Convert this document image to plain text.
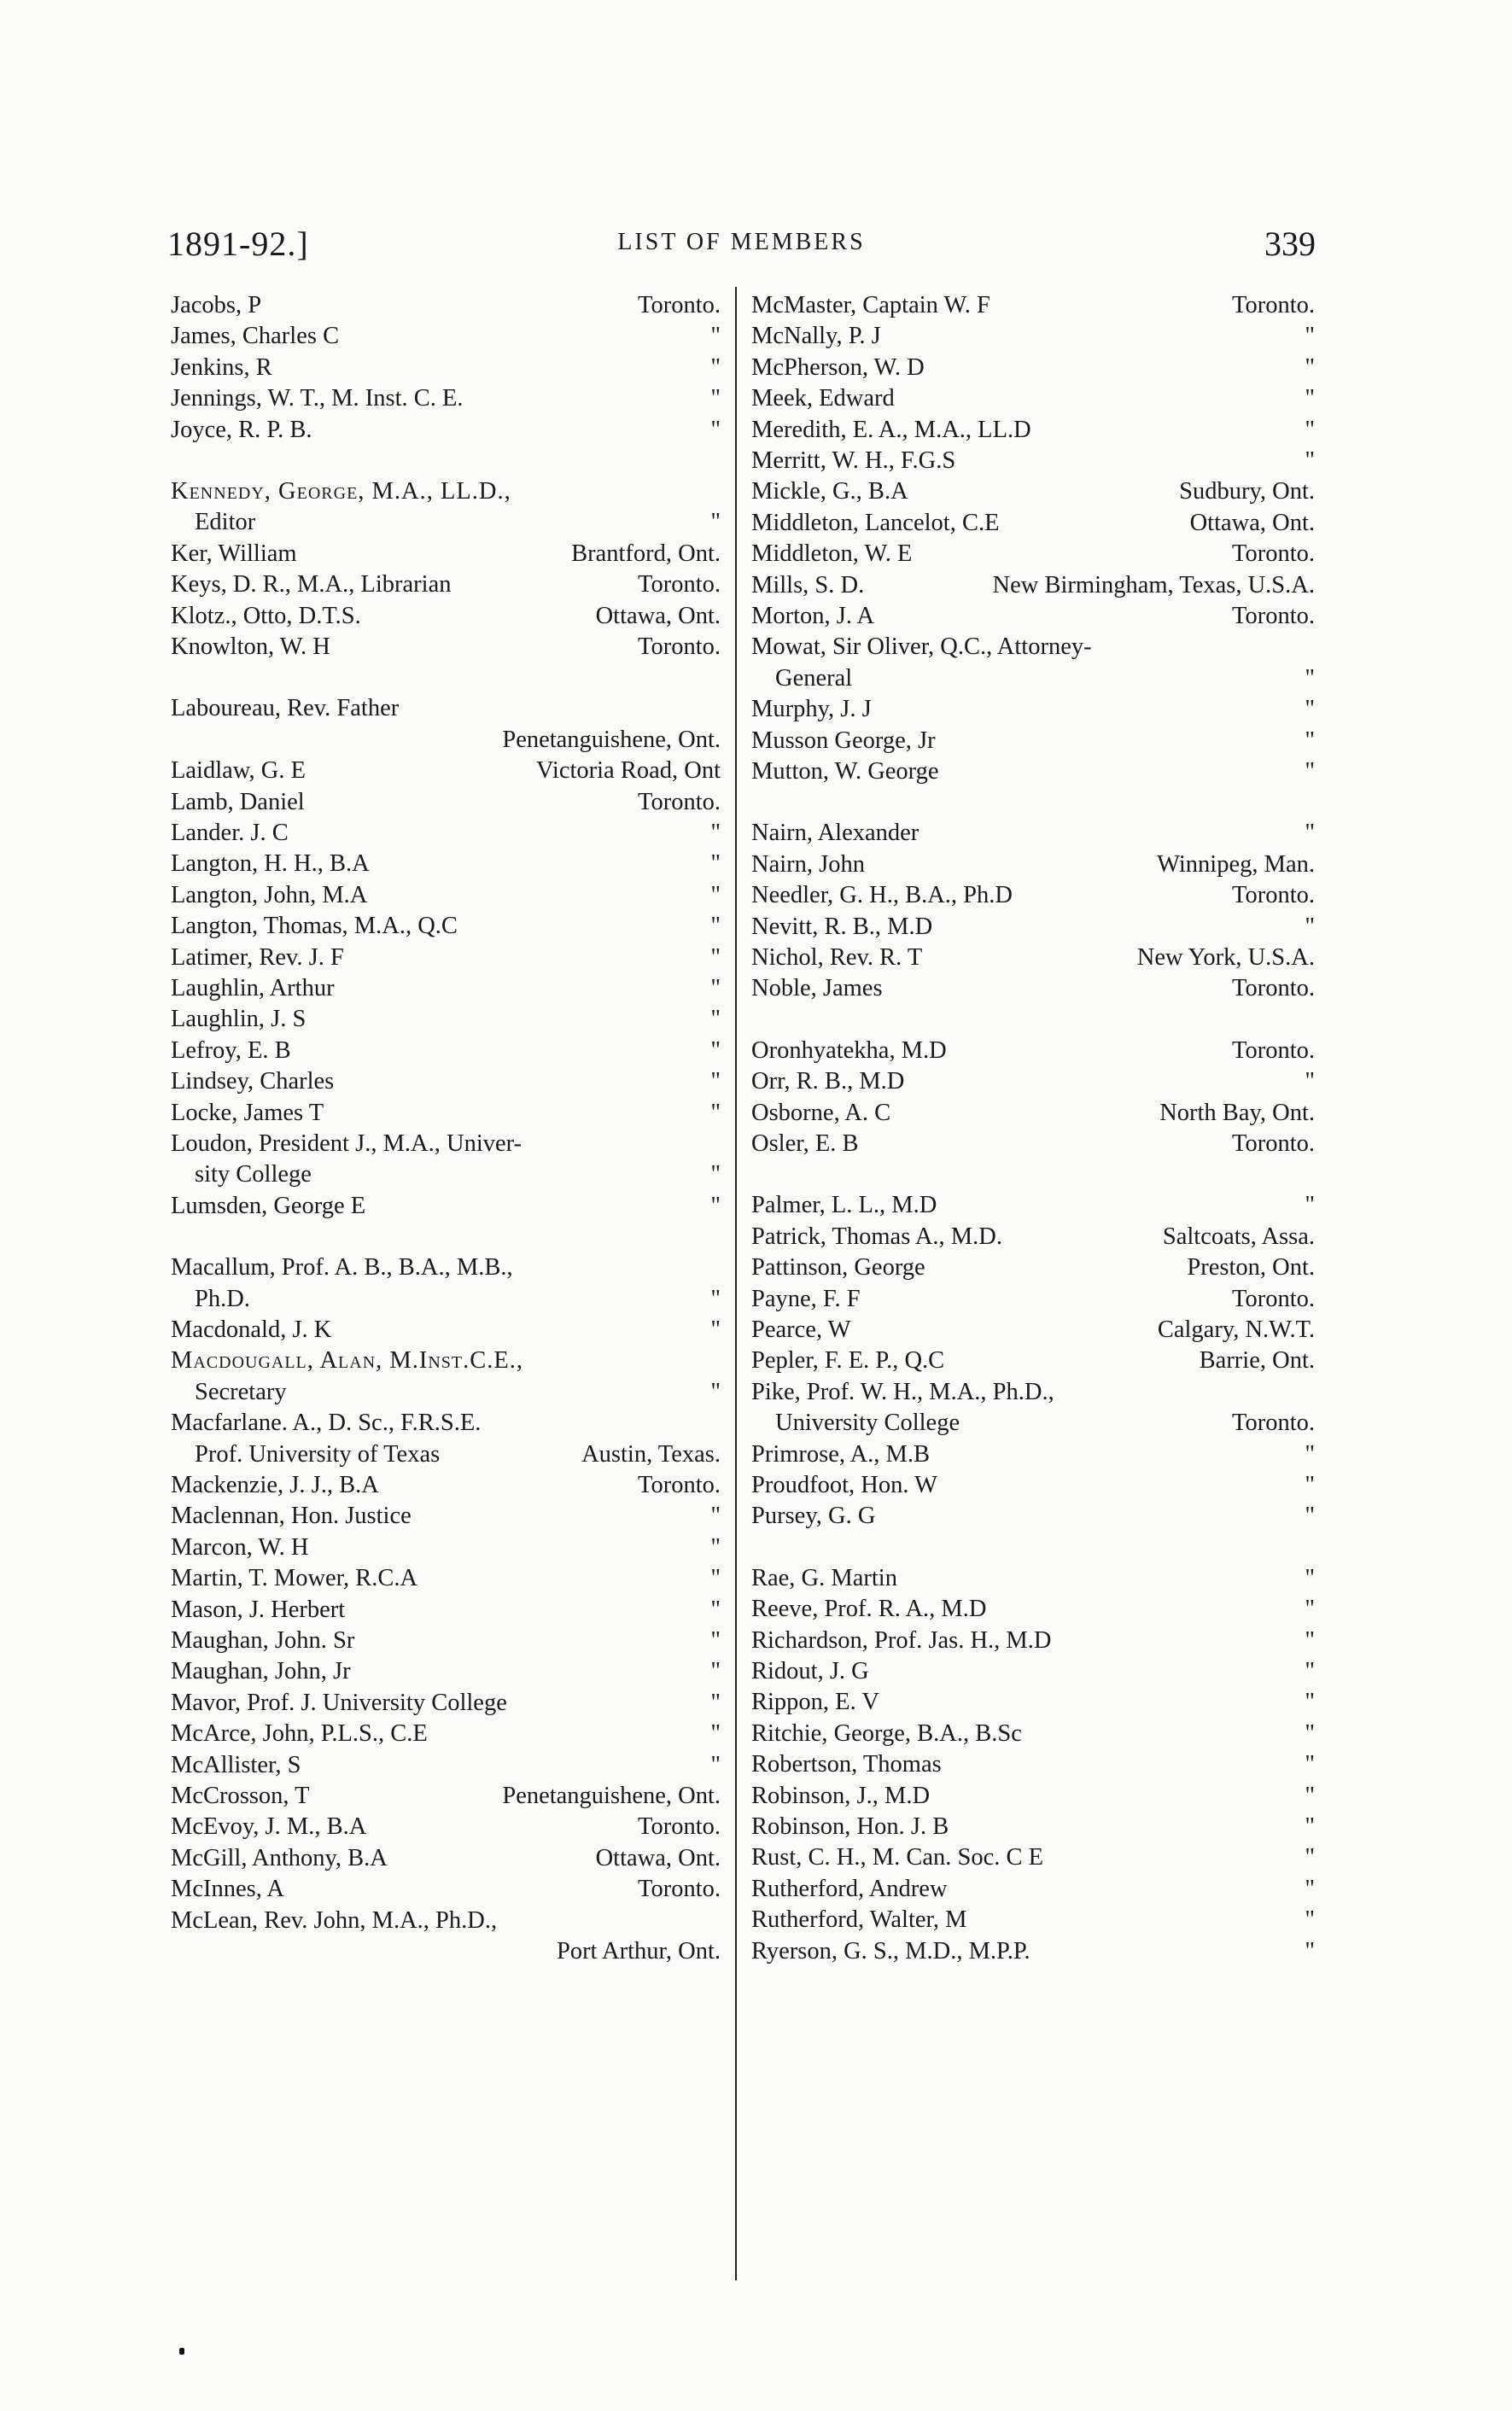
1891-92.]	LIST OF MEMBERS	339
Jacobs, P	Toronto.
James, Charles C	"
Jenkins, R	"
Jennings, W. T., M. Inst. C. E.	"
Joyce, R. P. B.	"
Kennedy, George, M.A., LL.D.,
Editor	"
Ker, William	Brantford, Ont.
Keys, D. R., M.A., Librarian	Toronto.
Klotz., Otto, D.T.S.	Ottawa, Ont.
Knowlton, W. H	Toronto.
Laboureau, Rev. Father
Penetanguishene, Ont.
Laidlaw, G. E	Victoria Road, Ont
Lamb, Daniel	Toronto.
Lander. J. C	"
Langton, H. H., B.A	"
Langton, John, M.A	"
Langton, Thomas, M.A., Q.C	"
Latimer, Rev. J. F	"
Laughlin, Arthur	"
Laughlin, J. S	"
Lefroy, E. B	"
Lindsey, Charles	"
Locke, James T	"
Loudon, President J., M.A., Univer-
sity College	"
Lumsden, George E	"
Macallum, Prof. A. B., B.A., M.B.,
Ph.D.	"
Macdonald, J. K	"
Macdougall, Alan, M.Inst.C.E.,
Secretary	"
Macfarlane. A., D. Sc., F.R.S.E.
Prof. University of Texas	Austin, Texas.
Mackenzie, J. J., B.A	Toronto.
Maclennan, Hon. Justice	"
Marcon, W. H	"
Martin, T. Mower, R.C.A	"
Mason, J. Herbert	"
Maughan, John. Sr	"
Maughan, John, Jr	"
Mavor, Prof. J. University College	"
McArce, John, P.L.S., C.E	"
McAllister, S	"
McCrosson, T	Penetanguishene, Ont.
McEvoy, J. M., B.A	Toronto.
McGill, Anthony, B.A	Ottawa, Ont.
McInnes, A	Toronto.
McLean, Rev. John, M.A., Ph.D.,
Port Arthur, Ont.
McMaster, Captain W. F	Toronto.
McNally, P. J	"
McPherson, W. D	"
Meek, Edward	"
Meredith, E. A., M.A., LL.D	"
Merritt, W. H., F.G.S	"
Mickle, G., B.A	Sudbury, Ont.
Middleton, Lancelot, C.E	Ottawa, Ont.
Middleton, W. E	Toronto.
Mills, S. D.	New Birmingham, Texas, U.S.A.
Morton, J. A	Toronto.
Mowat, Sir Oliver, Q.C., Attorney-
General	"
Murphy, J. J	"
Musson George, Jr	"
Mutton, W. George	"
Nairn, Alexander	"
Nairn, John	Winnipeg, Man.
Needler, G. H., B.A., Ph.D	Toronto.
Nevitt, R. B., M.D	"
Nichol, Rev. R. T	New York, U.S.A.
Noble, James	Toronto.
Oronhyatekha, M.D	Toronto.
Orr, R. B., M.D	"
Osborne, A. C	North Bay, Ont.
Osler, E. B	Toronto.
Palmer, L. L., M.D	"
Patrick, Thomas A., M.D.	Saltcoats, Assa.
Pattinson, George	Preston, Ont.
Payne, F. F	Toronto.
Pearce, W	Calgary, N.W.T.
Pepler, F. E. P., Q.C	Barrie, Ont.
Pike, Prof. W. H., M.A., Ph.D.,
University College	Toronto.
Primrose, A., M.B	"
Proudfoot, Hon. W	"
Pursey, G. G	"
Rae, G. Martin	"
Reeve, Prof. R. A., M.D	"
Richardson, Prof. Jas. H., M.D	"
Ridout, J. G	"
Rippon, E. V	"
Ritchie, George, B.A., B.Sc	"
Robertson, Thomas	"
Robinson, J., M.D	"
Robinson, Hon. J. B	"
Rust, C. H., M. Can. Soc. C E	"
Rutherford, Andrew	"
Rutherford, Walter, M	"
Ryerson, G. S., M.D., M.P.P.	"
